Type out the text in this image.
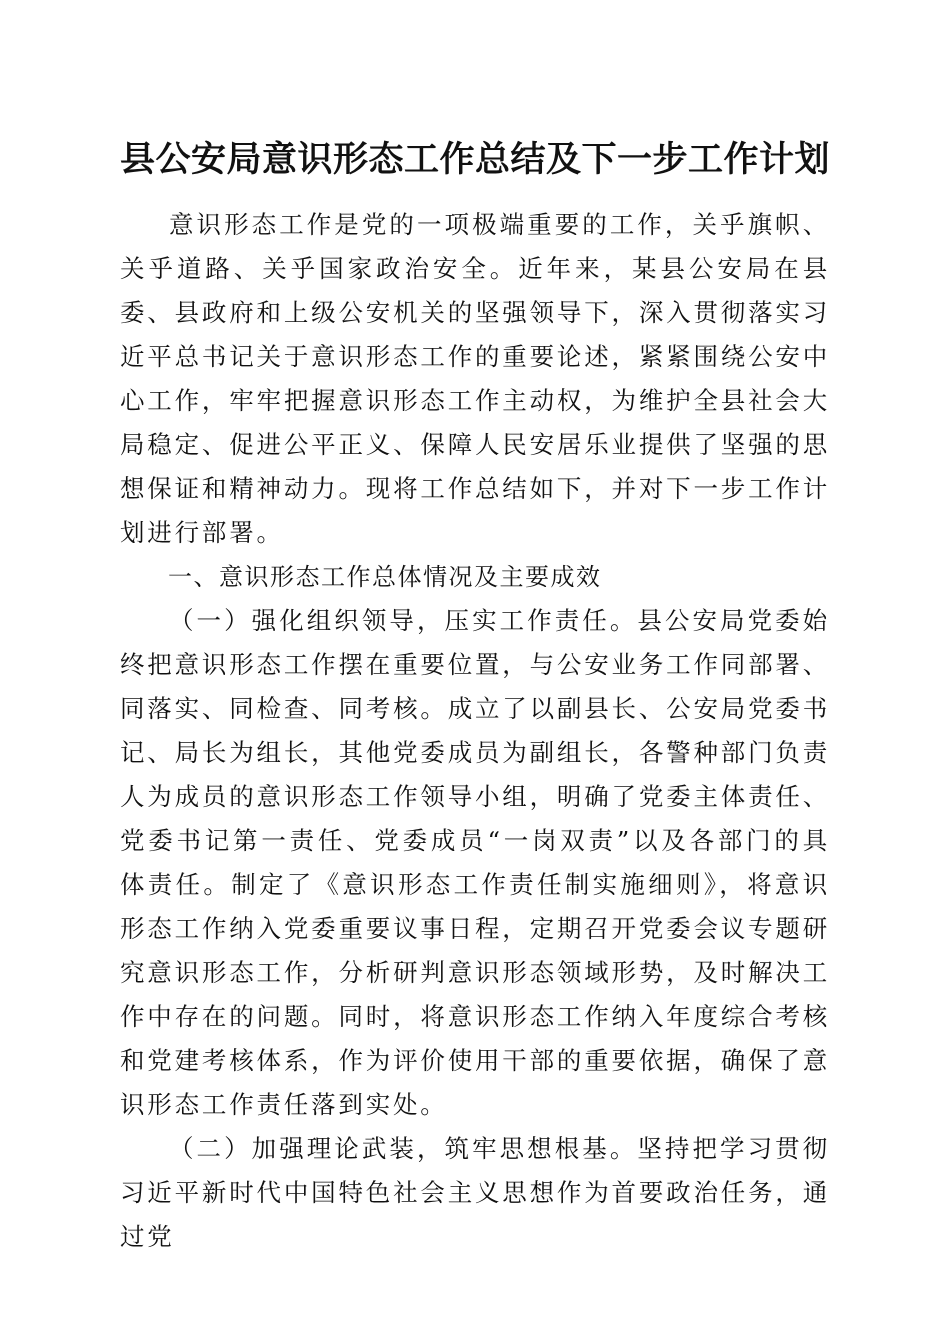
县公安局意识形态工作总结及下一步工作计划

意识形态工作是党的一项极端重要的工作，关乎旗帜、关乎道路、关乎国家政治安全。近年来，某县公安局在县委、县政府和上级公安机关的坚强领导下，深入贯彻落实习近平总书记关于意识形态工作的重要论述，紧紧围绕公安中心工作，牢牢把握意识形态工作主动权，为维护全县社会大局稳定、促进公平正义、保障人民安居乐业提供了坚强的思想保证和精神动力。现将工作总结如下，并对下一步工作计划进行部署。

一、意识形态工作总体情况及主要成效

（一）强化组织领导，压实工作责任。县公安局党委始终把意识形态工作摆在重要位置，与公安业务工作同部署、同落实、同检查、同考核。成立了以副县长、公安局党委书记、局长为组长，其他党委成员为副组长，各警种部门负责人为成员的意识形态工作领导小组，明确了党委主体责任、党委书记第一责任、党委成员“一岗双责”以及各部门的具体责任。制定了《意识形态工作责任制实施细则》，将意识形态工作纳入党委重要议事日程，定期召开党委会议专题研究意识形态工作，分析研判意识形态领域形势，及时解决工作中存在的问题。同时，将意识形态工作纳入年度综合考核和党建考核体系，作为评价使用干部的重要依据，确保了意识形态工作责任落到实处。

（二）加强理论武装，筑牢思想根基。坚持把学习贯彻习近平新时代中国特色社会主义思想作为首要政治任务，通过党
